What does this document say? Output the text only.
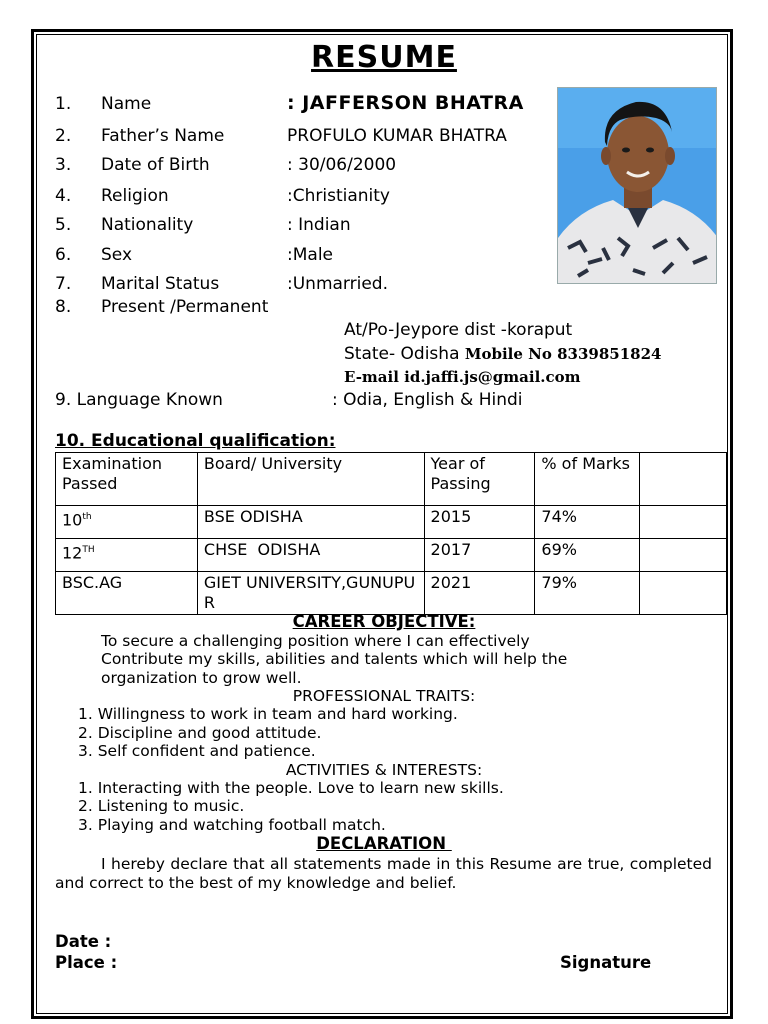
RESUME
1. Name	: JAFFERSON BHATRA
2. Father’s Name	PROFULO KUMAR BHATRA
3. Date of Birth	: 30/06/2000
4. Religion	:Christianity
5. Nationality	: Indian
6. Sex	:Male
7. Marital Status	:Unmarried.
8. Present /Permanent
At/Po-Jeypore dist -koraput
State- Odisha Mobile No 8339851824
E-mail id.jaffi.js@gmail.com
9. Language Known	: Odia, English & Hindi
10. Educational qualification:
Examination Passed	Board/ University	Year of Passing	% of Marks	
10th	BSE ODISHA	2015	74%	
12TH	CHSE  ODISHA	2017	69%	
BSC.AG	GIET UNIVERSITY,GUNUPUR	2021	79%	
CAREER OBJECTIVE:
To secure a challenging position where I can effectively
Contribute my skills, abilities and talents which will help the
organization to grow well.
PROFESSIONAL TRAITS:
1. Willingness to work in team and hard working.
2. Discipline and good attitude.
3. Self confident and patience.
ACTIVITIES & INTERESTS:
1. Interacting with the people. Love to learn new skills.
2. Listening to music.
3. Playing and watching football match.
DECLARATION
I hereby declare that all statements made in this Resume are true, completed and correct to the best of my knowledge and belief.
Date :
Place :	Signature
